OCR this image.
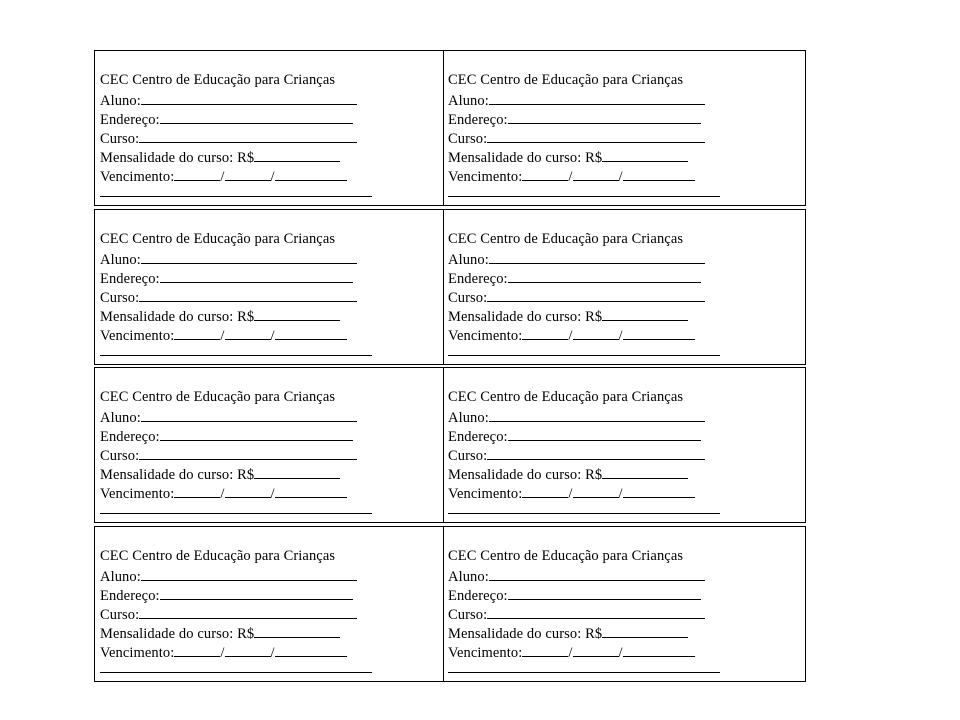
CEC Centro de Educação para Crianças
Aluno:
Endereço:
Curso:
Mensalidade do curso: R$
Vencimento:	/	/
CEC Centro de Educação para Crianças
Aluno:
Endereço:
Curso:
Mensalidade do curso: R$
Vencimento:	/	/
CEC Centro de Educação para Crianças
Aluno:
Endereço:
Curso:
Mensalidade do curso: R$
Vencimento:	/	/
CEC Centro de Educação para Crianças
Aluno:
Endereço:
Curso:
Mensalidade do curso: R$
Vencimento:	/	/
CEC Centro de Educação para Crianças
Aluno:
Endereço:
Curso:
Mensalidade do curso: R$
Vencimento:	/	/
CEC Centro de Educação para Crianças
Aluno:
Endereço:
Curso:
Mensalidade do curso: R$
Vencimento:	/	/
CEC Centro de Educação para Crianças
Aluno:
Endereço:
Curso:
Mensalidade do curso: R$
Vencimento:	/	/
CEC Centro de Educação para Crianças
Aluno:
Endereço:
Curso:
Mensalidade do curso: R$
Vencimento:	/	/
